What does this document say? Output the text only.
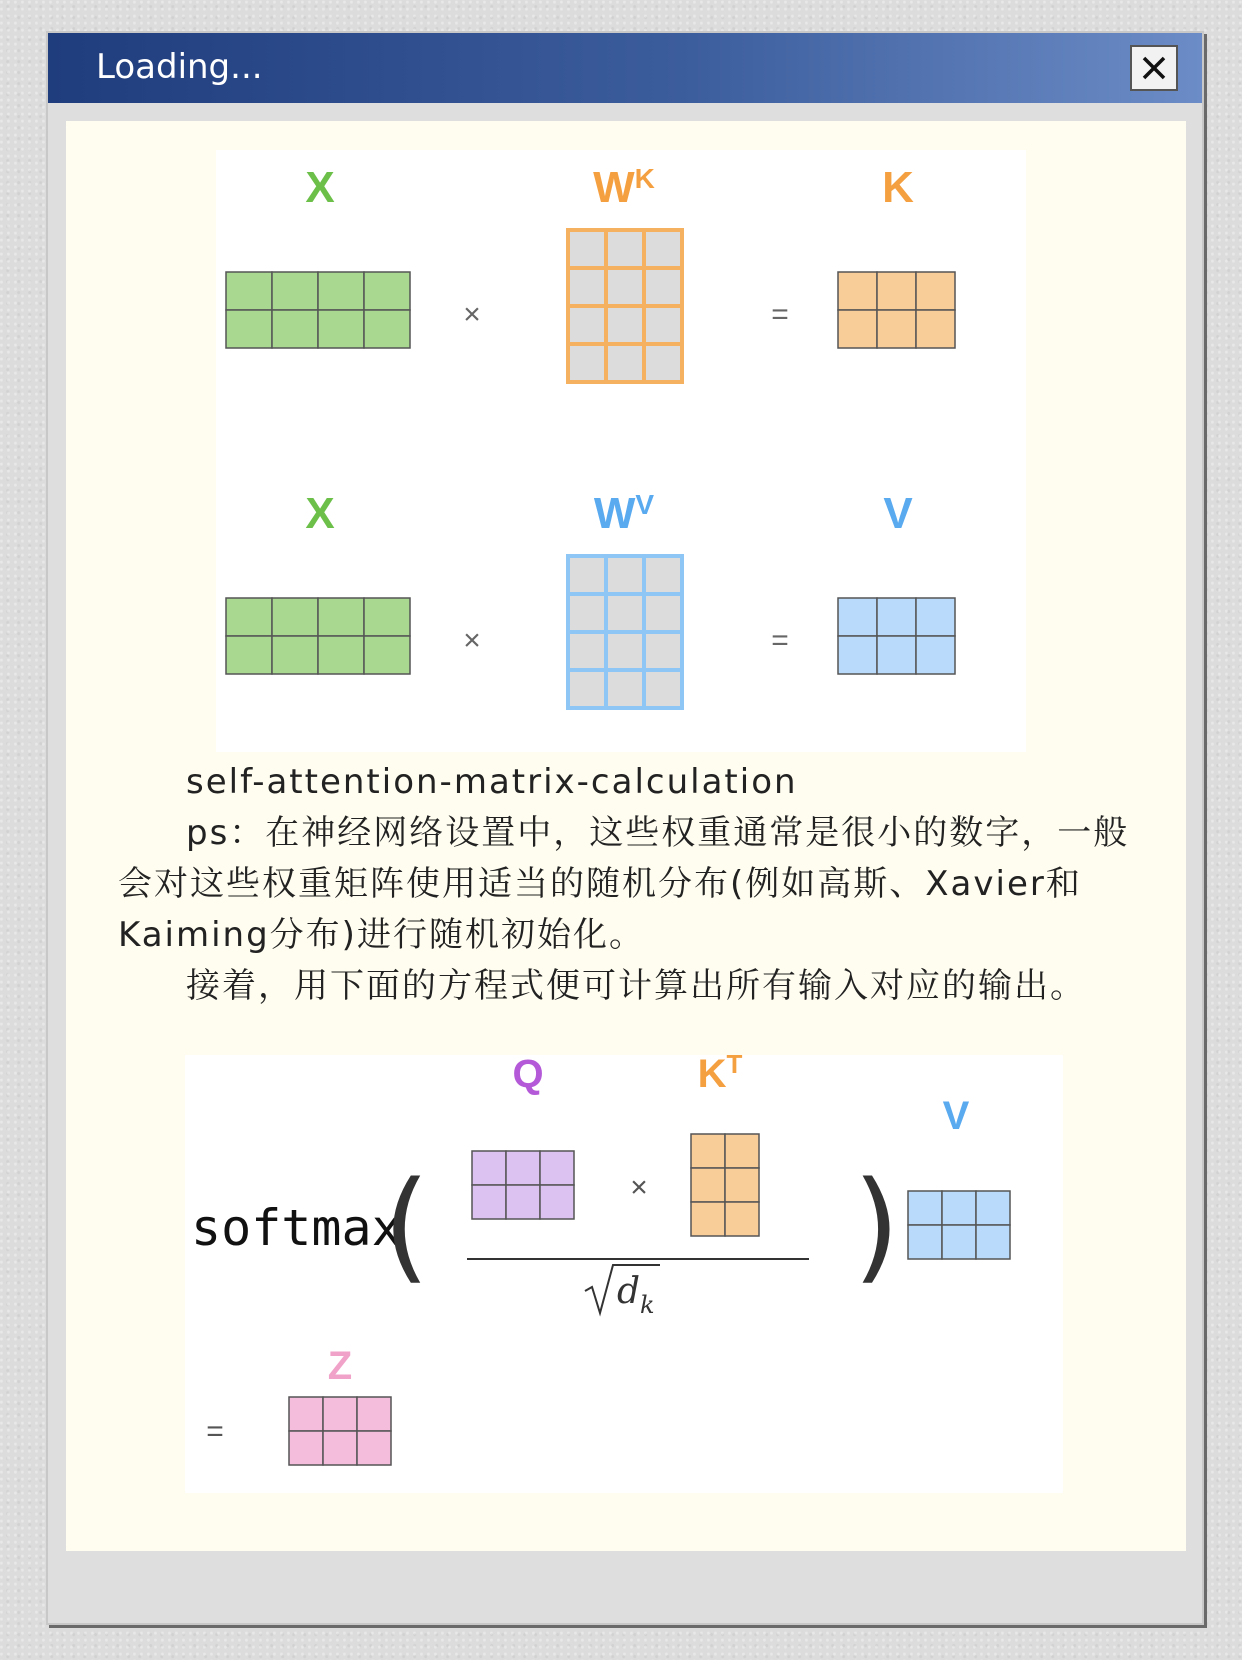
Loading...
X	$W^K$	K
×	=
X	$W^V$	V
×	=

self-attention-matrix-calculation

ps：在神经网络设置中，这些权重通常是很小的数字，一般会对这些权重矩阵使用适当的随机分布(例如高斯、Xavier和Kaiming分布)进行随机初始化。

接着，用下面的方程式便可计算出所有输入对应的输出。

softmax
(	)
Q
×
$K^T$
$d_k$
V
=
Z
